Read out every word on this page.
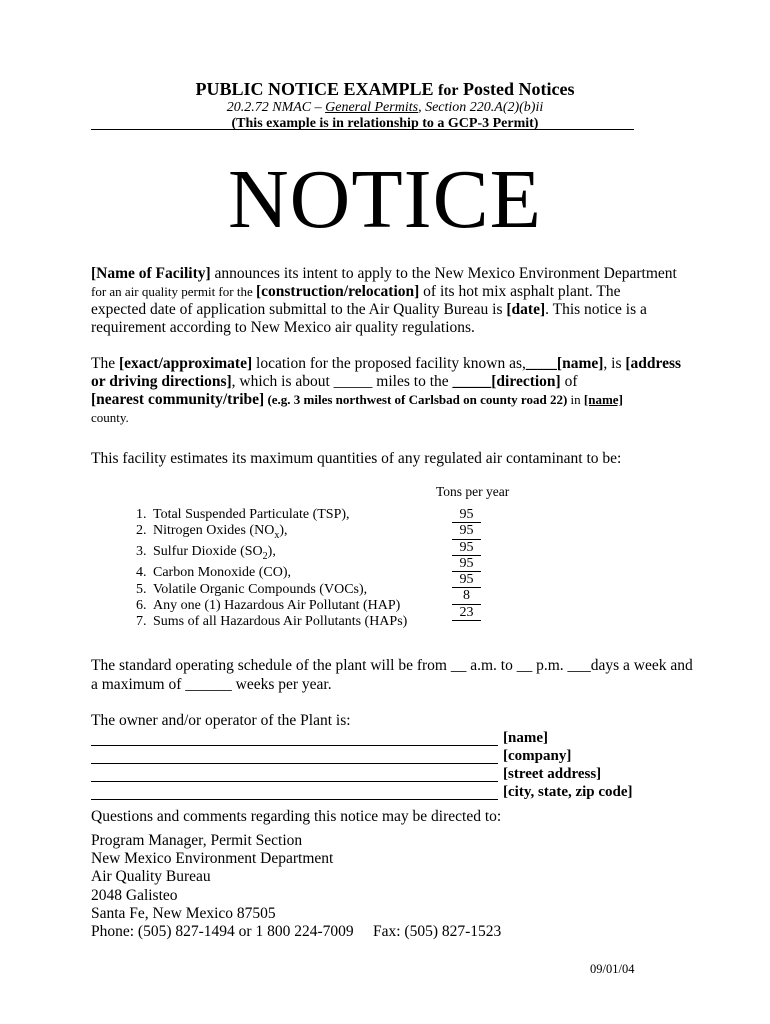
PUBLIC NOTICE EXAMPLE for Posted Notices
20.2.72 NMAC – General Permits, Section 220.A(2)(b)ii
(This example is in relationship to a GCP-3 Permit)
NOTICE
[Name of Facility] announces its intent to apply to the New Mexico Environment Department
for an air quality permit for the [construction/relocation] of its hot mix asphalt plant. The
expected date of application submittal to the Air Quality Bureau is [date]. This notice is a
requirement according to New Mexico air quality regulations.
The [exact/approximate] location for the proposed facility known as,____[name], is [address
or driving directions], which is about _____ miles to the _____[direction] of
[nearest community/tribe] (e.g. 3 miles northwest of Carlsbad on county road 22) in [name]
county.
This facility estimates its maximum quantities of any regulated air contaminant to be:
Tons per year
1. Total Suspended Particulate (TSP),
2. Nitrogen Oxides $(NO_x)$,
3. Sulfur Dioxide $(SO_2)$,
4. Carbon Monoxide (CO),
5. Volatile Organic Compounds (VOCs),
6. Any one (1) Hazardous Air Pollutant (HAP)
7. Sums of all Hazardous Air Pollutants (HAPs)
95
95
95
95
95
8
23
The standard operating schedule of the plant will be from __ a.m. to __ p.m. ___days a week and
a maximum of ______ weeks per year.
The owner and/or operator of the Plant is:
[name]
[company]
[street address]
[city, state, zip code]
Questions and comments regarding this notice may be directed to:
Program Manager, Permit Section
New Mexico Environment Department
Air Quality Bureau
2048 Galisteo
Santa Fe, New Mexico 87505
Phone: (505) 827-1494 or 1 800 224-7009     Fax: (505) 827-1523
09/01/04
